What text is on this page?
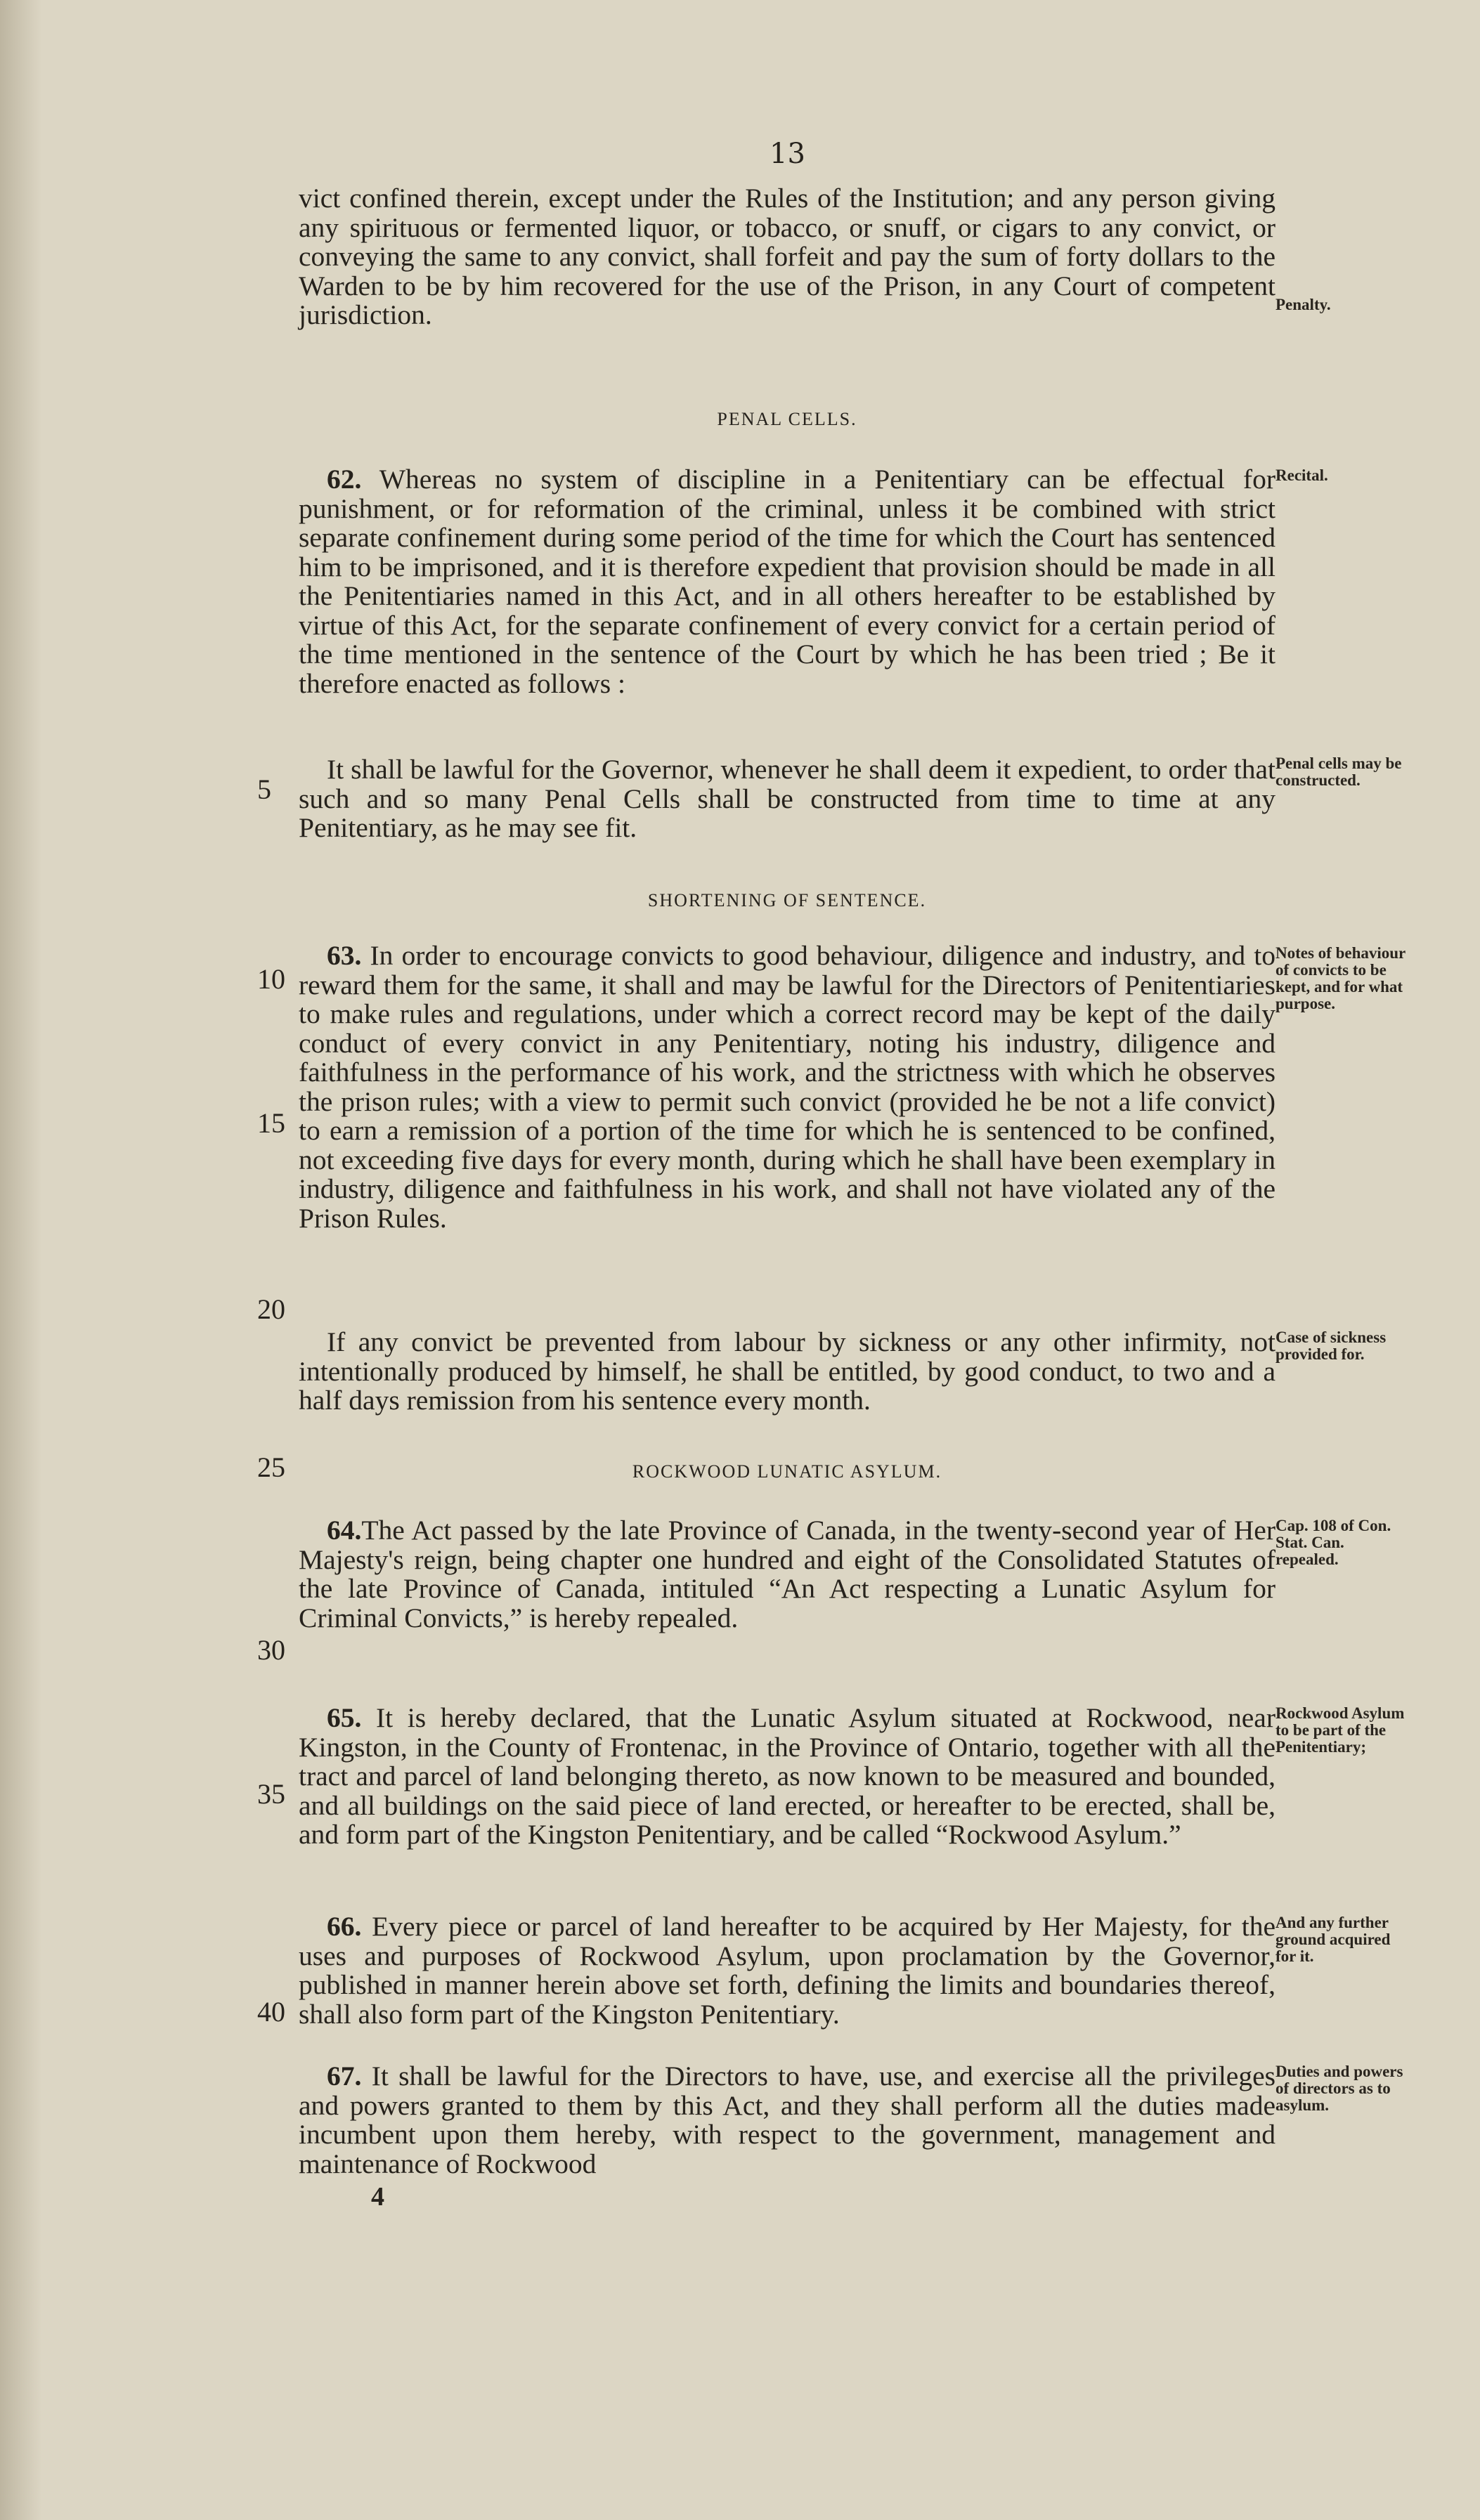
13
vict confined therein, except under the Rules of the Institution; and any person giving any spirituous or fermented liquor, or tobacco, or snuff, or cigars to any convict, or conveying the same to any convict, shall forfeit and pay the sum of forty dollars to the Warden to be by him recovered for the use of the Prison, in any Court of competent jurisdiction.	Penalty.
PENAL CELLS.
62. Whereas no system of discipline in a Penitentiary can be effectual for punishment, or for reformation of the criminal, unless it be combined with strict separate confinement during some period of the time for which the Court has sentenced him to be imprisoned, and it is therefore expedient that provision should be made in all the Penitentiaries named in this Act, and in all others hereafter to be established by virtue of this Act, for the separate confinement of every convict for a certain period of the time mentioned in the sentence of the Court by which he has been tried ; Be it therefore enacted as follows :
Recital.
It shall be lawful for the Governor, whenever he shall deem it expedient, to order that such and so many Penal Cells shall be constructed from time to time at any Penitentiary, as he may see fit.
Penal cells may be constructed.
SHORTENING OF SENTENCE.
63. In order to encourage convicts to good behaviour, diligence and industry, and to reward them for the same, it shall and may be lawful for the Directors of Penitentiaries to make rules and regulations, under which a correct record may be kept of the daily conduct of every convict in any Penitentiary, noting his industry, diligence and faithfulness in the performance of his work, and the strictness with which he observes the prison rules; with a view to permit such convict (provided he be not a life convict) to earn a remission of a portion of the time for which he is sentenced to be confined, not exceeding five days for every month, during which he shall have been exemplary in industry, diligence and faithfulness in his work, and shall not have violated any of the Prison Rules.
Notes of behaviour of convicts to be kept, and for what purpose.
If any convict be prevented from labour by sickness or any other infirmity, not intentionally produced by himself, he shall be entitled, by good conduct, to two and a half days remission from his sentence every month.
Case of sickness provided for.
ROCKWOOD LUNATIC ASYLUM.
64.The Act passed by the late Province of Canada, in the twenty-second year of Her Majesty's reign, being chapter one hundred and eight of the Consolidated Statutes of the late Province of Canada, intituled “An Act respecting a Lunatic Asylum for Criminal Convicts,” is hereby repealed.
Cap. 108 of Con. Stat. Can. repealed.
65. It is hereby declared, that the Lunatic Asylum situated at Rockwood, near Kingston, in the County of Frontenac, in the Province of Ontario, together with all the tract and parcel of land belonging thereto, as now known to be measured and bounded, and all buildings on the said piece of land erected, or hereafter to be erected, shall be, and form part of the Kingston Penitentiary, and be called “Rockwood Asylum.”
Rockwood Asylum to be part of the Penitentiary;
66. Every piece or parcel of land hereafter to be acquired by Her Majesty, for the uses and purposes of Rockwood Asylum, upon proclamation by the Governor, published in manner herein above set forth, defining the limits and boundaries thereof, shall also form part of the Kingston Penitentiary.
And any further ground acquired for it.
67. It shall be lawful for the Directors to have, use, and exercise all the privileges and powers granted to them by this Act, and they shall perform all the duties made incumbent upon them hereby, with respect to the government, management and maintenance of Rockwood
Duties and powers of directors as to asylum.
5
10
15
20
25
30
35
40
4
